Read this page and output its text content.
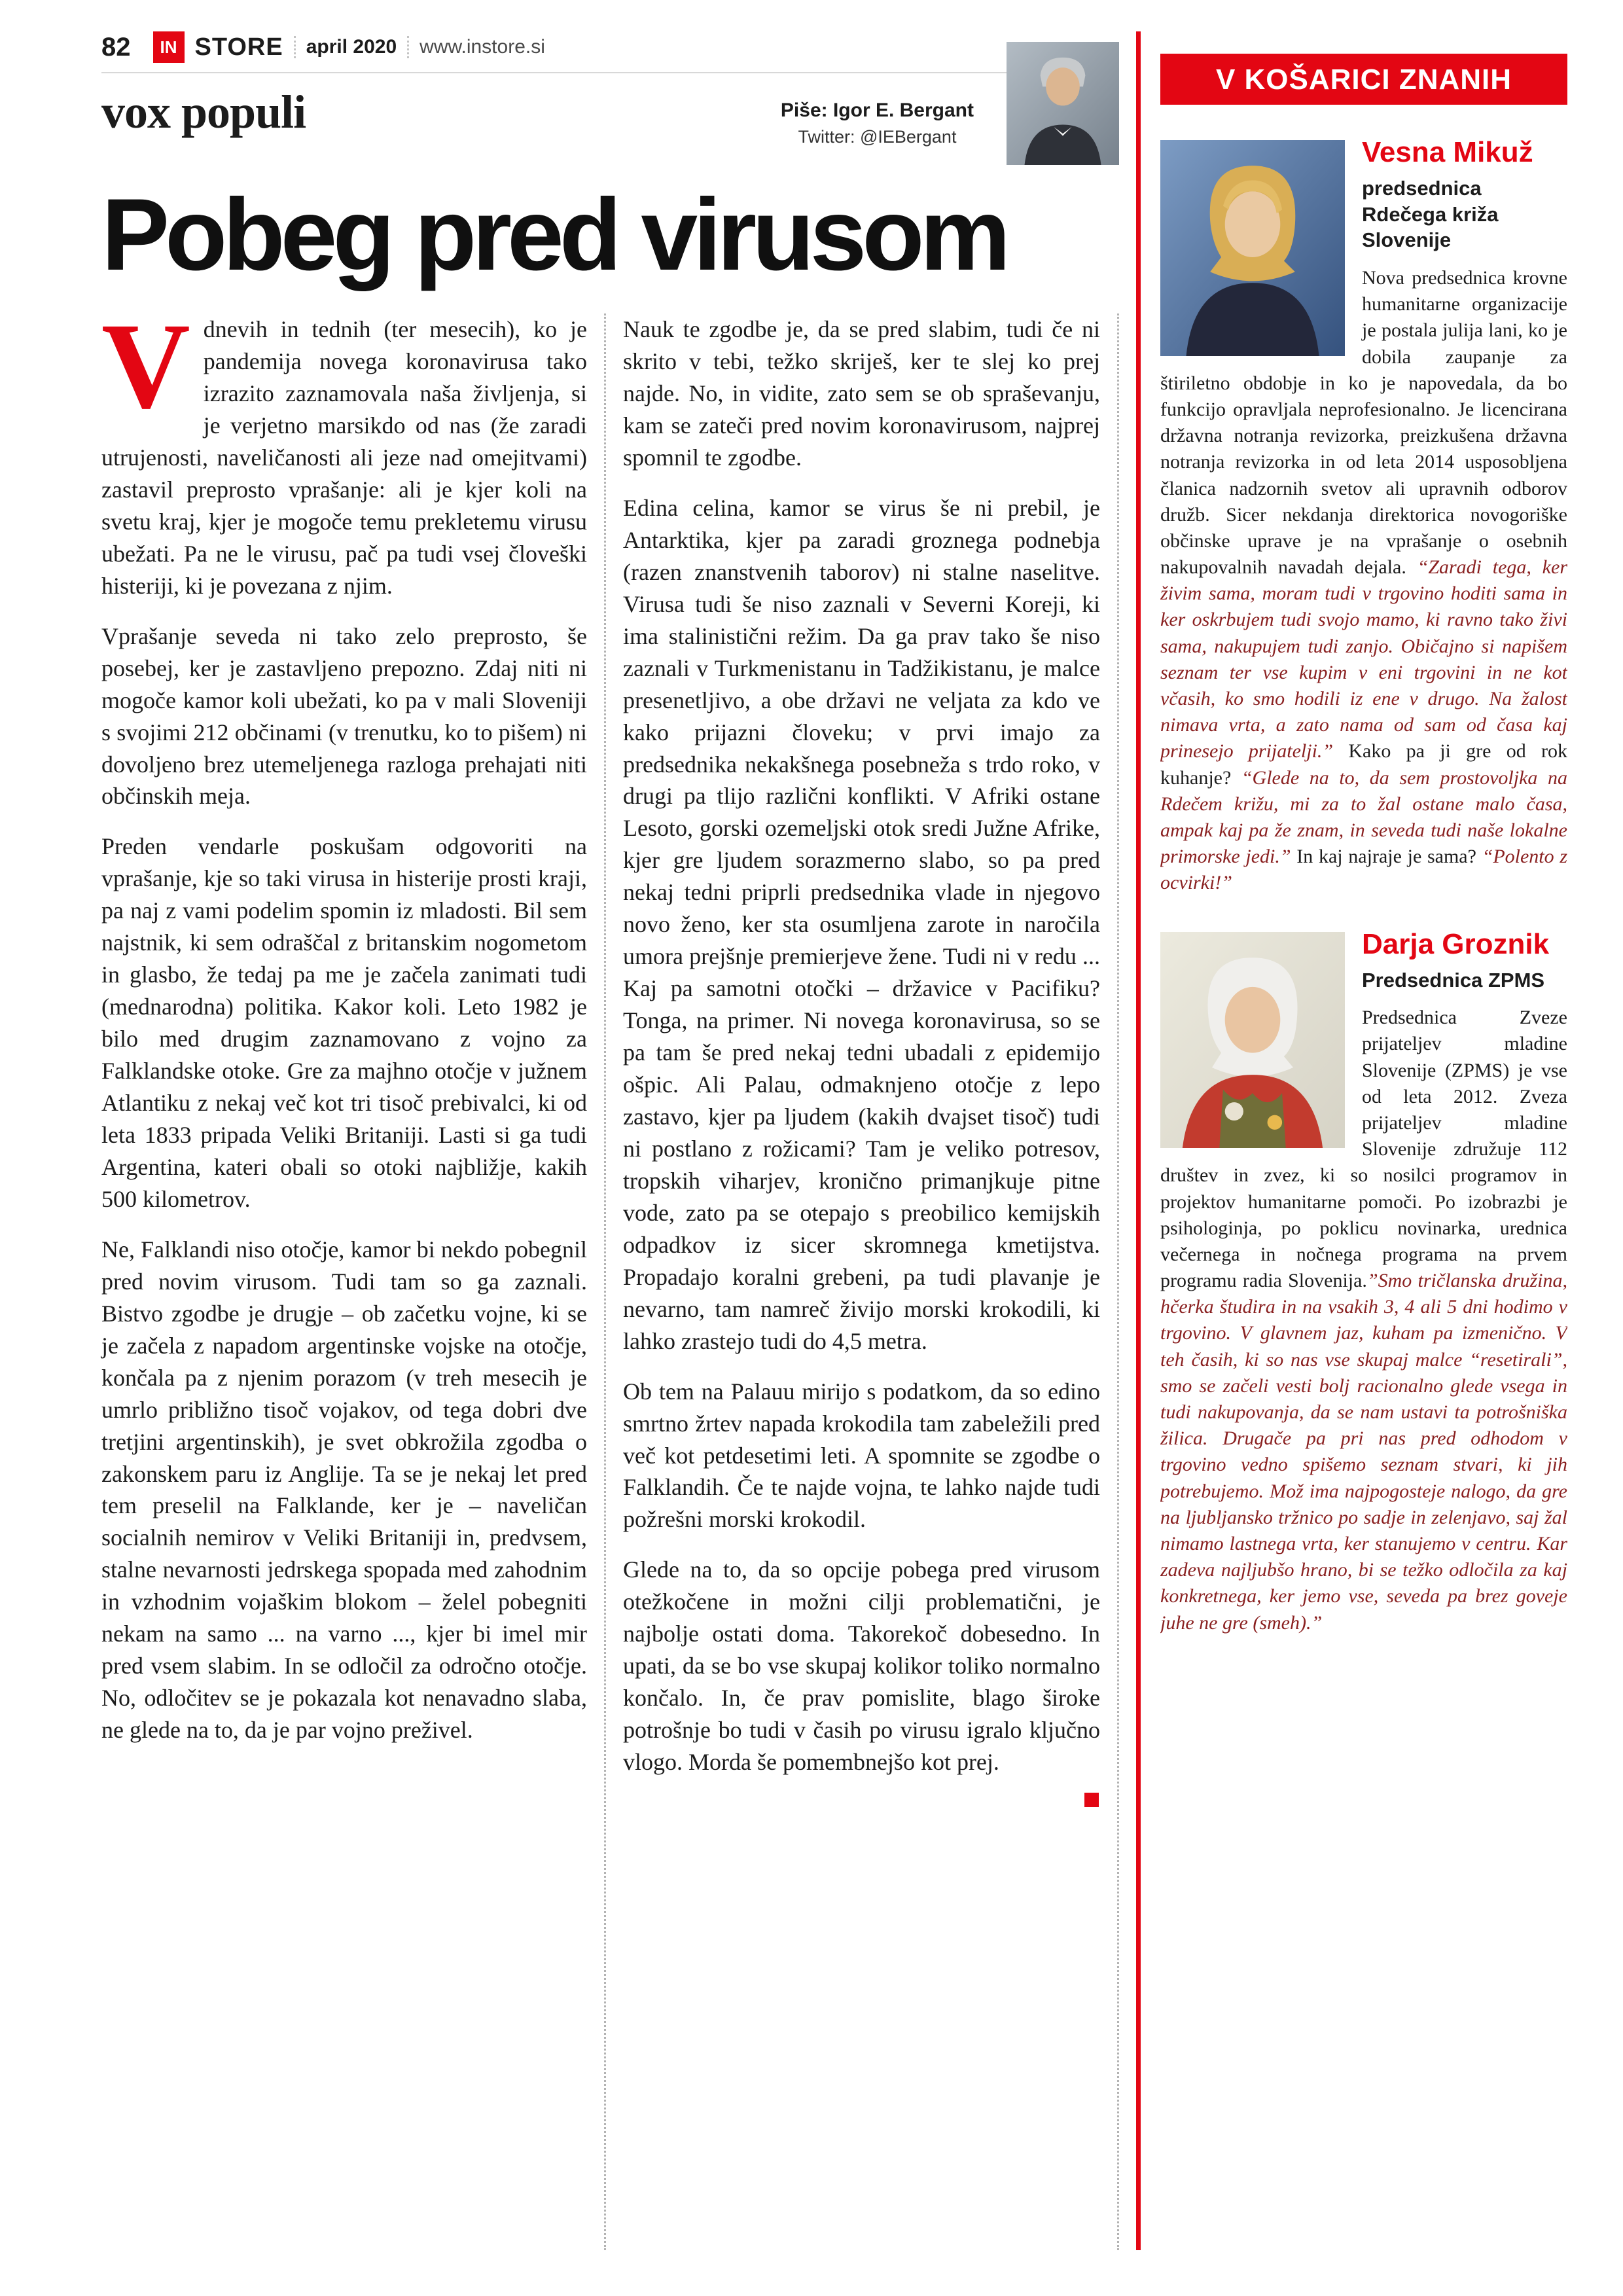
82	IN STORE april 2020 www.instore.si
vox populi	Piše: Igor E. Bergant
Twitter: @IEBergant
Pobeg pred virusom

Vdnevih in tednih (ter mesecih), ko je pandemija novega koronavirusa tako izrazito zaznamovala naša življenja, si je verjetno marsikdo od nas (že zaradi utrujenosti, naveličanosti ali jeze nad omejitvami) zastavil preprosto vprašanje: ali je kjer koli na svetu kraj, kjer je mogoče temu prekletemu virusu ubežati. Pa ne le virusu, pač pa tudi vsej človeški histeriji, ki je povezana z njim.

Vprašanje seveda ni tako zelo preprosto, še posebej, ker je zastavljeno prepozno. Zdaj niti ni mogoče kamor koli ubežati, ko pa v mali Sloveniji s svojimi 212 občinami (v trenutku, ko to pišem) ni dovoljeno brez utemeljenega razloga prehajati niti občinskih meja.

Preden vendarle poskušam odgovoriti na vprašanje, kje so taki virusa in histerije prosti kraji, pa naj z vami podelim spomin iz mladosti. Bil sem najstnik, ki sem odraščal z britanskim nogometom in glasbo, že tedaj pa me je začela zanimati tudi (mednarodna) politika. Kakor koli. Leto 1982 je bilo med drugim zaznamovano z vojno za Falklandske otoke. Gre za majhno otočje v južnem Atlantiku z nekaj več kot tri tisoč prebivalci, ki od leta 1833 pripada Veliki Britaniji. Lasti si ga tudi Argentina, kateri obali so otoki najbližje, kakih 500 kilometrov.

Ne, Falklandi niso otočje, kamor bi nekdo pobegnil pred novim virusom. Tudi tam so ga zaznali. Bistvo zgodbe je drugje – ob začetku vojne, ki se je začela z napadom argentinske vojske na otočje, končala pa z njenim porazom (v treh mesecih je umrlo približno tisoč vojakov, od tega dobri dve tretjini argentinskih), je svet obkrožila zgodba o zakonskem paru iz Anglije. Ta se je nekaj let pred tem preselil na Falklande, ker je – naveličan socialnih nemirov v Veliki Britaniji in, predvsem, stalne nevarnosti jedrskega spopada med zahodnim in vzhodnim vojaškim blokom – želel pobegniti nekam na samo ... na varno ..., kjer bi imel mir pred vsem slabim. In se odločil za odročno otočje. No, odločitev se je pokazala kot nenavadno slaba, ne glede na to, da je par vojno preživel.

Nauk te zgodbe je, da se pred slabim, tudi če ni skrito v tebi, težko skriješ, ker te slej ko prej najde. No, in vidite, zato sem se ob spraševanju, kam se zateči pred novim koronavirusom, najprej spomnil te zgodbe.

Edina celina, kamor se virus še ni prebil, je Antarktika, kjer pa zaradi groznega podnebja (razen znanstvenih taborov) ni stalne naselitve. Virusa tudi še niso zaznali v Severni Koreji, ki ima stalinistični režim. Da ga prav tako še niso zaznali v Turkmenistanu in Tadžikistanu, je malce presenetljivo, a obe državi ne veljata za kdo ve kako prijazni človeku; v prvi imajo za predsednika nekakšnega posebneža s trdo roko, v drugi pa tlijo različni konflikti. V Afriki ostane Lesoto, gorski ozemeljski otok sredi Južne Afrike, kjer gre ljudem sorazmerno slabo, so pa pred nekaj tedni priprli predsednika vlade in njegovo novo ženo, ker sta osumljena zarote in naročila umora prejšnje premierjeve žene. Tudi ni v redu ... Kaj pa samotni otočki – državice v Pacifiku? Tonga, na primer. Ni novega koronavirusa, so se pa tam še pred nekaj tedni ubadali z epidemijo ošpic. Ali Palau, odmaknjeno otočje z lepo zastavo, kjer pa ljudem (kakih dvajset tisoč) tudi ni postlano z rožicami? Tam je veliko potresov, tropskih viharjev, kronično primanjkuje pitne vode, zato pa se otepajo s preobilico kemijskih odpadkov iz sicer skromnega kmetijstva. Propadajo koralni grebeni, pa tudi plavanje je nevarno, tam namreč živijo morski krokodili, ki lahko zrastejo tudi do 4,5 metra.

Ob tem na Palauu mirijo s podatkom, da so edino smrtno žrtev napada krokodila tam zabeležili pred več kot petdesetimi leti. A spomnite se zgodbe o Falklandih. Če te najde vojna, te lahko najde tudi požrešni morski krokodil.

Glede na to, da so opcije pobega pred virusom otežkočene in možni cilji problematični, je najbolje ostati doma. Takorekoč dobesedno. In upati, da se bo vse skupaj kolikor toliko normalno končalo. In, če prav pomislite, blago široke potrošnje bo tudi v časih po virusu igralo ključno vlogo. Morda še pomembnejšo kot prej.

V KOŠARICI ZNANIH
Vesna Mikuž

predsednica Rdečega križa Slovenije

Nova predsednica krovne humanitarne organizacije je postala julija lani, ko je dobila zaupanje za štiriletno obdobje in ko je napovedala, da bo funkcijo opravljala neprofesionalno. Je licencirana državna notranja revizorka, preizkušena državna notranja revizorka in od leta 2014 usposobljena članica nadzornih svetov ali upravnih odborov družb. Sicer nekdanja direktorica novogoriške občinske uprave je na vprašanje o osebnih nakupovalnih navadah dejala. “Zaradi tega, ker živim sama, moram tudi v trgovino hoditi sama in ker oskrbujem tudi svojo mamo, ki ravno tako živi sama, nakupujem tudi zanjo. Običajno si napišem seznam ter vse kupim v eni trgovini in ne kot včasih, ko smo hodili iz ene v drugo. Na žalost nimava vrta, a zato nama od sam od časa kaj prinesejo prijatelji.” Kako pa ji gre od rok kuhanje? “Glede na to, da sem prostovoljka na Rdečem križu, mi za to žal ostane malo časa, ampak kaj pa že znam, in seveda tudi naše lokalne primorske jedi.” In kaj najraje je sama? “Polento z ocvirki!”

Darja Groznik

Predsednica ZPMS

Predsednica Zveze prijateljev mladine Slovenije (ZPMS) je vse od leta 2012. Zveza prijateljev mladine Slovenije združuje 112 društev in zvez, ki so nosilci programov in projektov humanitarne pomoči. Po izobrazbi je psihologinja, po poklicu novinarka, urednica večernega in nočnega programa na prvem programu radia Slovenija.”Smo tričlanska družina, hčerka študira in na vsakih 3, 4 ali 5 dni hodimo v trgovino. V glavnem jaz, kuham pa izmenično. V teh časih, ki so nas vse skupaj malce “resetirali”, smo se začeli vesti bolj racionalno glede vsega in tudi nakupovanja, da se nam ustavi ta potrošniška žilica. Drugače pa pri nas pred odhodom v trgovino vedno spišemo seznam stvari, ki jih potrebujemo. Mož ima najpogosteje nalogo, da gre na ljubljansko tržnico po sadje in zelenjavo, saj žal nimamo lastnega vrta, ker stanujemo v centru. Kar zadeva najljubšo hrano, bi se težko odločila za kaj konkretnega, ker jemo vse, seveda pa brez goveje juhe ne gre (smeh).”
